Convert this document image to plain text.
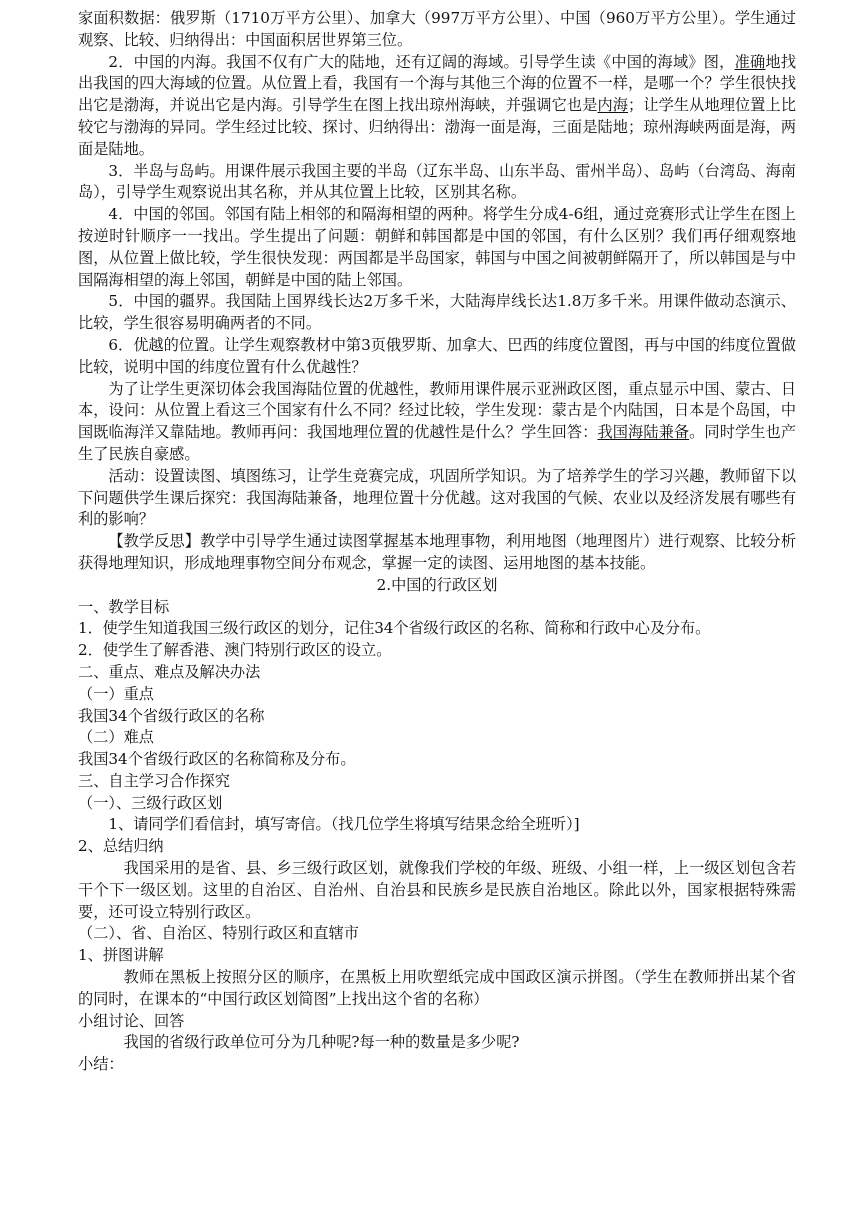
家面积数据：俄罗斯（1710万平方公里）、加拿大（997万平方公里）、中国（960万平方公里）。学生通过观察、比较、归纳得出：中国面积居世界第三位。

2．中国的内海。我国不仅有广大的陆地，还有辽阔的海域。引导学生读《中国的海域》图，准确地找出我国的四大海域的位置。从位置上看，我国有一个海与其他三个海的位置不一样，是哪一个？学生很快找出它是渤海，并说出它是内海。引导学生在图上找出琼州海峡，并强调它也是内海；让学生从地理位置上比较它与渤海的异同。学生经过比较、探讨、归纳得出：渤海一面是海，三面是陆地；琼州海峡两面是海，两面是陆地。

3．半岛与岛屿。用课件展示我国主要的半岛（辽东半岛、山东半岛、雷州半岛）、岛屿（台湾岛、海南岛），引导学生观察说出其名称，并从其位置上比较，区别其名称。

4．中国的邻国。邻国有陆上相邻的和隔海相望的两种。将学生分成4-6组，通过竞赛形式让学生在图上按逆时针顺序一一找出。学生提出了问题：朝鲜和韩国都是中国的邻国，有什么区别？我们再仔细观察地图，从位置上做比较，学生很快发现：两国都是半岛国家，韩国与中国之间被朝鲜隔开了，所以韩国是与中国隔海相望的海上邻国，朝鲜是中国的陆上邻国。

5．中国的疆界。我国陆上国界线长达2万多千米，大陆海岸线长达1.8万多千米。用课件做动态演示、比较，学生很容易明确两者的不同。

6．优越的位置。让学生观察教材中第3页俄罗斯、加拿大、巴西的纬度位置图，再与中国的纬度位置做比较，说明中国的纬度位置有什么优越性？

为了让学生更深切体会我国海陆位置的优越性，教师用课件展示亚洲政区图，重点显示中国、蒙古、日本，设问：从位置上看这三个国家有什么不同？经过比较，学生发现：蒙古是个内陆国，日本是个岛国，中国既临海洋又靠陆地。教师再问：我国地理位置的优越性是什么？学生回答：我国海陆兼备。同时学生也产生了民族自豪感。

活动：设置读图、填图练习，让学生竞赛完成，巩固所学知识。为了培养学生的学习兴趣，教师留下以下问题供学生课后探究：我国海陆兼备，地理位置十分优越。这对我国的气候、农业以及经济发展有哪些有利的影响？

【教学反思】教学中引导学生通过读图掌握基本地理事物，利用地图（地理图片）进行观察、比较分析获得地理知识，形成地理事物空间分布观念，掌握一定的读图、运用地图的基本技能。

2.中国的行政区划

一、教学目标

1．使学生知道我国三级行政区的划分，记住34个省级行政区的名称、简称和行政中心及分布。

2．使学生了解香港、澳门特别行政区的设立。

二、重点、难点及解决办法

（一）重点

我国34个省级行政区的名称

（二）难点

我国34个省级行政区的名称简称及分布。

三、自主学习合作探究

（一）、三级行政区划

1、请同学们看信封，填写寄信。（找几位学生将填写结果念给全班听）]

2、总结归纳

我国采用的是省、县、乡三级行政区划，就像我们学校的年级、班级、小组一样，上一级区划包含若干个下一级区划。这里的自治区、自治州、自治县和民族乡是民族自治地区。除此以外，国家根据特殊需要，还可设立特别行政区。

（二）、省、自治区、特别行政区和直辖市

1、拼图讲解

教师在黑板上按照分区的顺序，在黑板上用吹塑纸完成中国政区演示拼图。（学生在教师拼出某个省的同时，在课本的“中国行政区划简图”上找出这个省的名称）

小组讨论、回答

我国的省级行政单位可分为几种呢?每一种的数量是多少呢?

小结：
